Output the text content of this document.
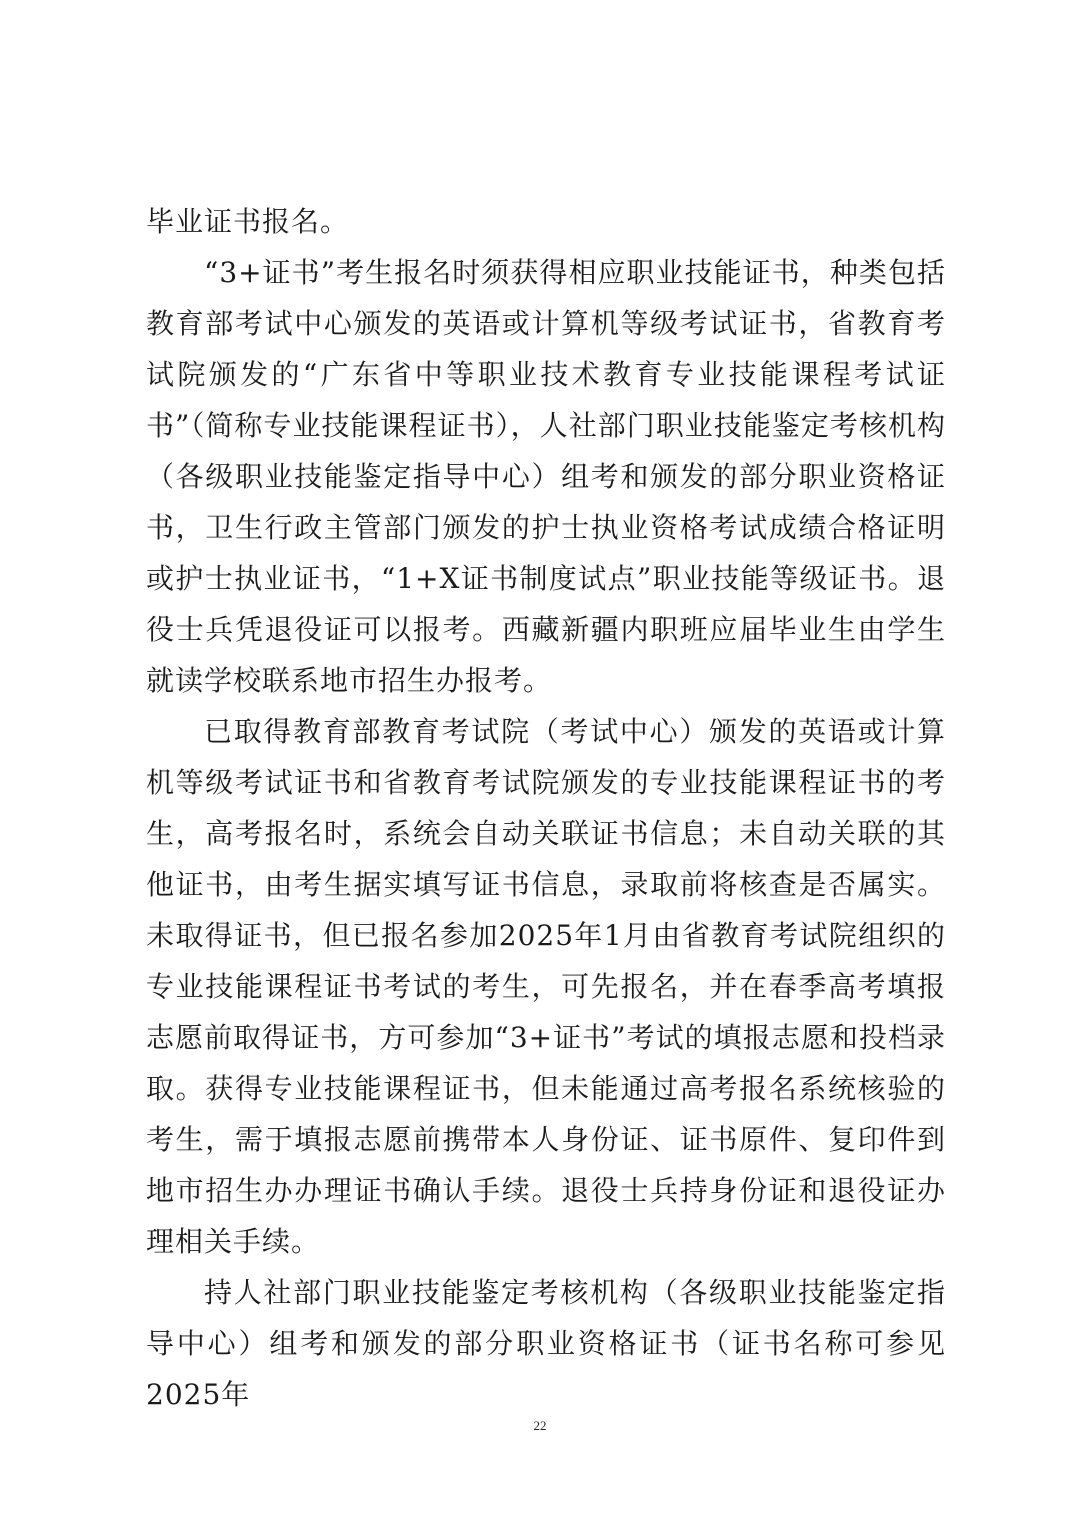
毕业证书报名。

“3+证书”考生报名时须获得相应职业技能证书，种类包括教育部考试中心颁发的英语或计算机等级考试证书，省教育考试院颁发的“广东省中等职业技术教育专业技能课程考试证书”（简称专业技能课程证书），人社部门职业技能鉴定考核机构（各级职业技能鉴定指导中心）组考和颁发的部分职业资格证书，卫生行政主管部门颁发的护士执业资格考试成绩合格证明或护士执业证书，“1+X证书制度试点”职业技能等级证书。退役士兵凭退役证可以报考。西藏新疆内职班应届毕业生由学生就读学校联系地市招生办报考。

已取得教育部教育考试院（考试中心）颁发的英语或计算机等级考试证书和省教育考试院颁发的专业技能课程证书的考生，高考报名时，系统会自动关联证书信息；未自动关联的其他证书，由考生据实填写证书信息，录取前将核查是否属实。未取得证书，但已报名参加2025年1月由省教育考试院组织的专业技能课程证书考试的考生，可先报名，并在春季高考填报志愿前取得证书，方可参加“3+证书”考试的填报志愿和投档录取。获得专业技能课程证书，但未能通过高考报名系统核验的考生，需于填报志愿前携带本人身份证、证书原件、复印件到地市招生办办理证书确认手续。退役士兵持身份证和退役证办理相关手续。

持人社部门职业技能鉴定考核机构（各级职业技能鉴定指导中心）组考和颁发的部分职业资格证书（证书名称可参见2025年

22
